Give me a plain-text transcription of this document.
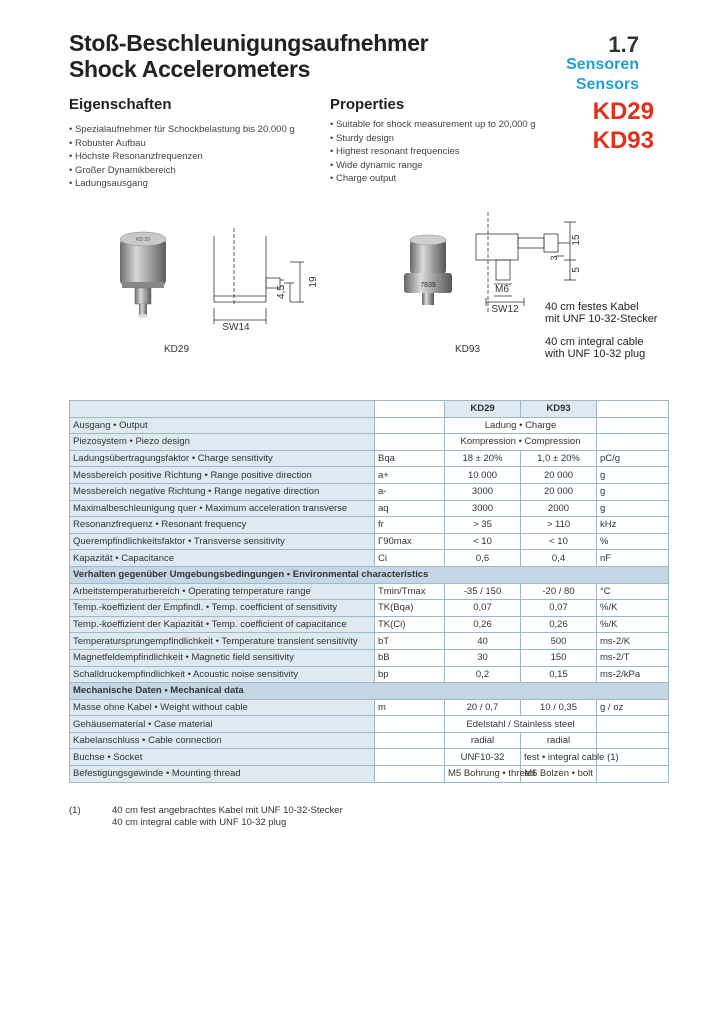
Stoß-Beschleunigungsaufnehmer
Shock Accelerometers
1.7
Sensoren
Sensors
KD29
KD93
Eigenschaften
• Spezialaufnehmer für Schockbelastung bis 20.000 g
• Robuster Aufbau
• Höchste Resonanzfrequenzen
• Großer Dynamikbereich
• Ladungsausgang
Properties
• Suitable for shock measurement up to 20,000 g
• Sturdy design
• Highest resonant frequencies
• Wide dynamic range
• Charge output
KD 29
19
4,5
SW14
KD29
7839
15
3
5
M6
SW12 40 cm festes Kabel
mit UNF 10-32-Stecker
40 cm integral cable
with UNF 10-32 plug
KD93
		KD29	KD93	
Ausgang • Output		Ladung • Charge		
Piezosystem • Piezo design		Kompression • Compression		
Ladungsübertragungsfaktor • Charge sensitivity	Bqa	18 ± 20%	1,0 ± 20%	pC/g
Messbereich positive Richtung • Range positive direction	a+	10 000	20 000	g
Messbereich negative Richtung • Range negative direction	a-	3000	20 000	g
Maximalbeschleunigung quer • Maximum acceleration transverse	aq	3000	2000	g
Resonanzfrequenz • Resonant frequency	fr	> 35	> 110	kHz
Querempfindlichkeitsfaktor • Transverse sensitivity	Γ90max	< 10	< 10	%
Kapazität • Capacitance	Ci	0,6	0,4	nF
Verhalten gegenüber Umgebungsbedingungen • Environmental characteristics				
Arbeitstemperaturbereich • Operating temperature range	Tmin/Tmax	-35 / 150	-20 / 80	°C
Temp.-koeffizient der Empfindl. • Temp. coefficient of sensitivity	TK(Bqa)	0,07	0,07	%/K
Temp.-koeffizient der Kapazität • Temp. coefficient of capacitance	TK(Ci)	0,26	0,26	%/K
Temperatursprungempfindlichkeit • Temperature transient sensitivity	bT	40	500	ms-2/K
Magnetfeldempfindlichkeit • Magnetic field sensitivity	bB	30	150	ms-2/T
Schalldruckempfindlichkeit • Acoustic noise sensitivity	bp	0,2	0,15	ms-2/kPa
Mechanische Daten • Mechanical data				
Masse ohne Kabel • Weight without cable	m	20 / 0,7	10 / 0,35	g / oz
Gehäusematerial • Case material		Edelstahl / Stainless steel		
Kabelanschluss • Cable connection		radial	radial	
Buchse • Socket		UNF10-32	fest • integral cable (1)	
Befestigungsgewinde • Mounting thread		M5 Bohrung • thread	M6 Bolzen • bolt	
(1)	40 cm fest angebrachtes Kabel mit UNF 10-32-Stecker
40 cm integral cable with UNF 10-32 plug
